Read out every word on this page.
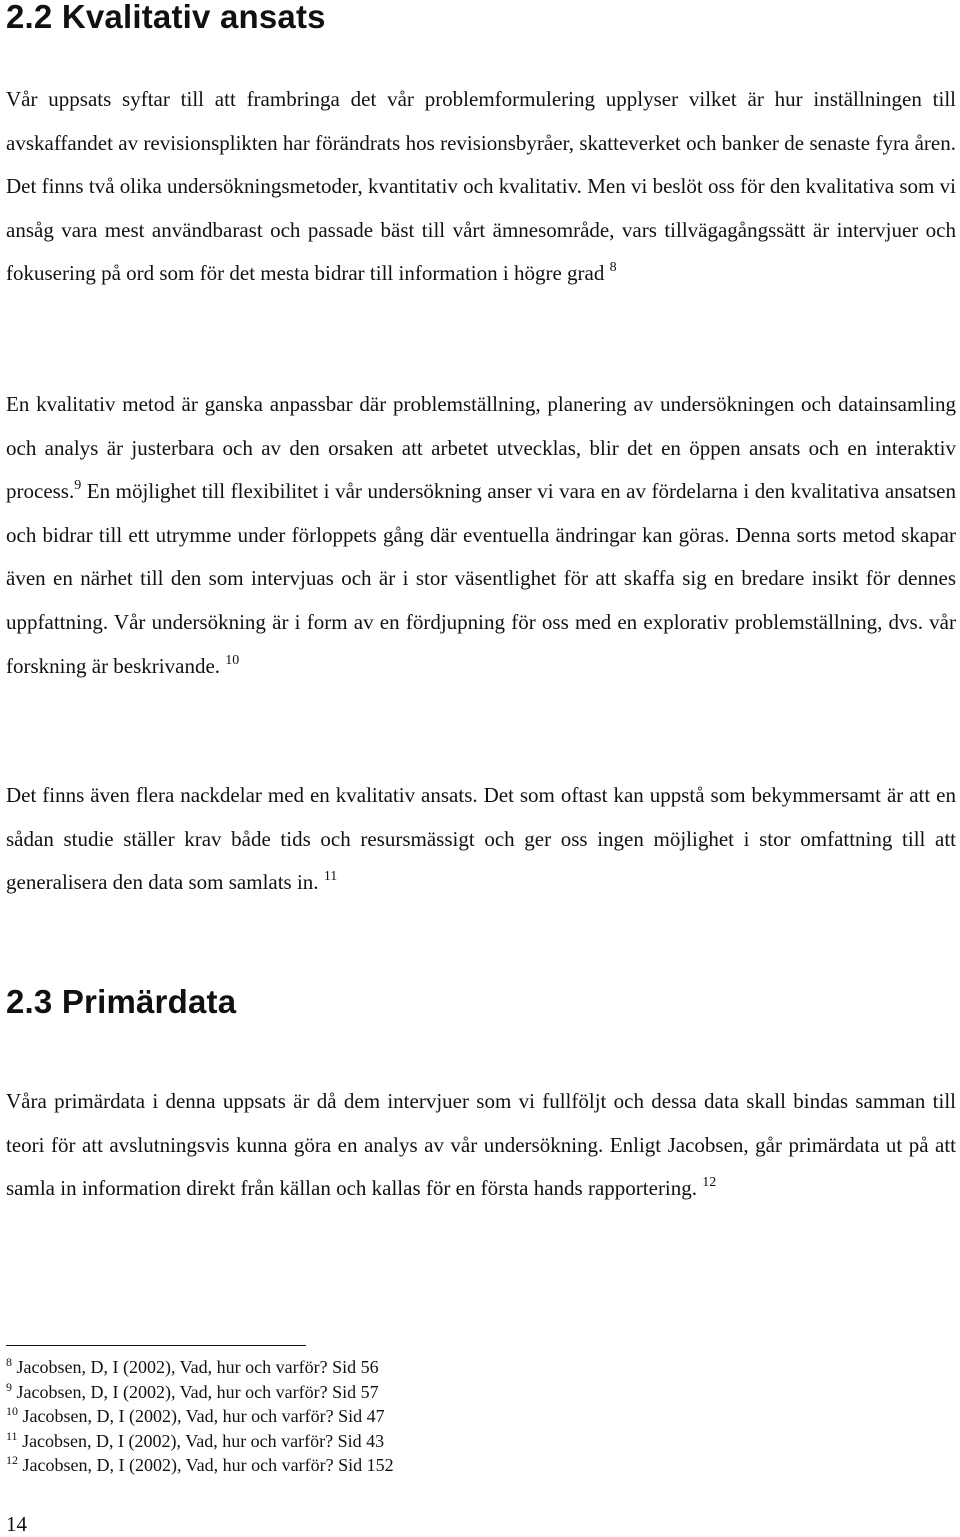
2.2 Kvalitativ ansats

Vår uppsats syftar till att frambringa det vår problemformulering upplyser vilket är hur inställningen till avskaffandet av revisionsplikten har förändrats hos revisionsbyråer, skatteverket och banker de senaste fyra åren. Det finns två olika undersökningsmetoder, kvantitativ och kvalitativ. Men vi beslöt oss för den kvalitativa som vi ansåg vara mest användbarast och passade bäst till vårt ämnesområde, vars tillvägagångssätt är intervjuer och fokusering på ord som för det mesta bidrar till information i högre grad $^8$

En kvalitativ metod är ganska anpassbar där problemställning, planering av undersökningen och datainsamling och analys är justerbara och av den orsaken att arbetet utvecklas, blir det en öppen ansats och en interaktiv process.$^9$ En möjlighet till flexibilitet i vår undersökning anser vi vara en av fördelarna i den kvalitativa ansatsen och bidrar till ett utrymme under förloppets gång där eventuella ändringar kan göras. Denna sorts metod skapar även en närhet till den som intervjuas och är i stor väsentlighet för att skaffa sig en bredare insikt för dennes uppfattning. Vår undersökning är i form av en fördjupning för oss med en explorativ problemställning, dvs. vår forskning är beskrivande. $^{10}$

Det finns även flera nackdelar med en kvalitativ ansats. Det som oftast kan uppstå som bekymmersamt är att en sådan studie ställer krav både tids och resursmässigt och ger oss ingen möjlighet i stor omfattning till att generalisera den data som samlats in. $^{11}$

2.3 Primärdata

Våra primärdata i denna uppsats är då dem intervjuer som vi fullföljt och dessa data skall bindas samman till teori för att avslutningsvis kunna göra en analys av vår undersökning. Enligt Jacobsen, går primärdata ut på att samla in information direkt från källan och kallas för en första hands rapportering. $^{12}$

$^8$ Jacobsen, D, I (2002), Vad, hur och varför? Sid 56

$^9$ Jacobsen, D, I (2002), Vad, hur och varför? Sid 57

$^{10}$ Jacobsen, D, I (2002), Vad, hur och varför? Sid 47

$^{11}$ Jacobsen, D, I (2002), Vad, hur och varför? Sid 43

$^{12}$ Jacobsen, D, I (2002), Vad, hur och varför? Sid 152

14
